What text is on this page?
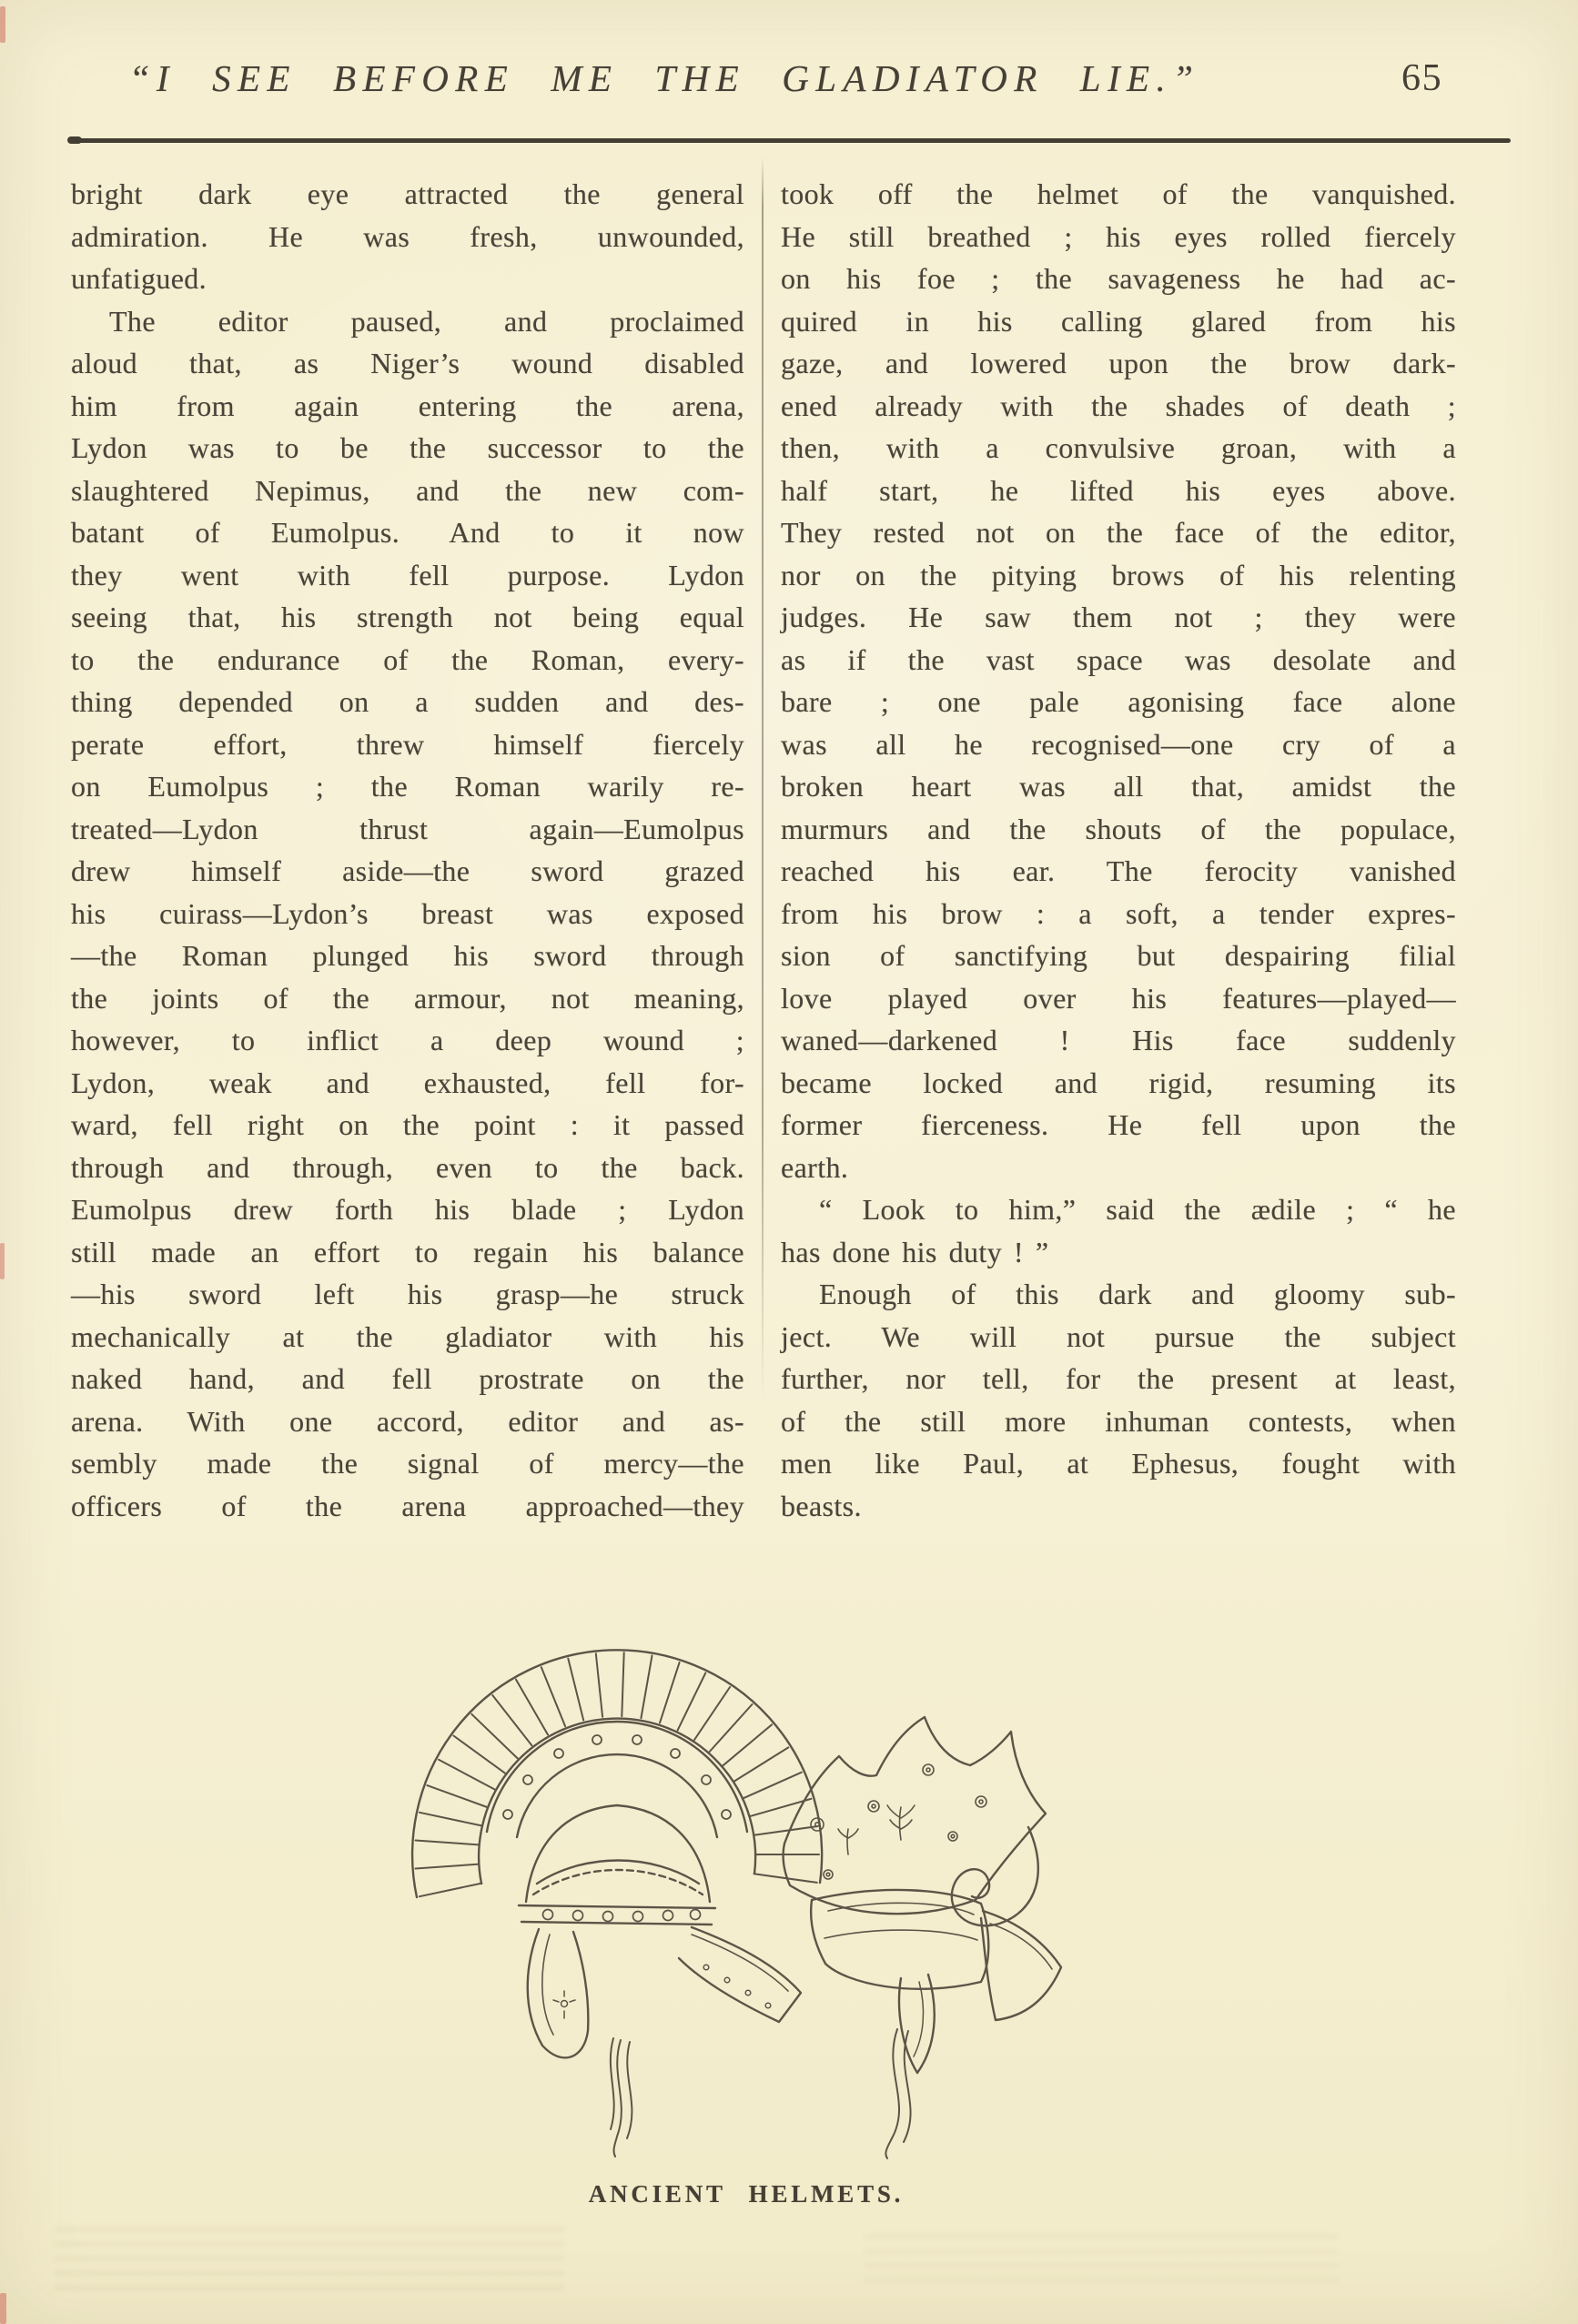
“I SEE BEFORE ME THE GLADIATOR LIE.”	65
bright dark eye attracted the general
admiration. He was fresh, unwounded,
unfatigued.
The editor paused, and proclaimed
aloud that, as Niger’s wound disabled
him from again entering the arena,
Lydon was to be the successor to the
slaughtered Nepimus, and the new com-
batant of Eumolpus. And to it now
they went with fell purpose. Lydon
seeing that, his strength not being equal
to the endurance of the Roman, every-
thing depended on a sudden and des-
perate effort, threw himself fiercely
on Eumolpus ; the Roman warily re-
treated—Lydon thrust again—Eumolpus
drew himself aside—the sword grazed
his cuirass—Lydon’s breast was exposed
—the Roman plunged his sword through
the joints of the armour, not meaning,
however, to inflict a deep wound ;
Lydon, weak and exhausted, fell for-
ward, fell right on the point : it passed
through and through, even to the back.
Eumolpus drew forth his blade ; Lydon
still made an effort to regain his balance
—his sword left his grasp—he struck
mechanically at the gladiator with his
naked hand, and fell prostrate on the
arena. With one accord, editor and as-
sembly made the signal of mercy—the
officers of the arena approached—they
took off the helmet of the vanquished.
He still breathed ; his eyes rolled fiercely
on his foe ; the savageness he had ac-
quired in his calling glared from his
gaze, and lowered upon the brow dark-
ened already with the shades of death ;
then, with a convulsive groan, with a
half start, he lifted his eyes above.
They rested not on the face of the editor,
nor on the pitying brows of his relenting
judges. He saw them not ; they were
as if the vast space was desolate and
bare ; one pale agonising face alone
was all he recognised—one cry of a
broken heart was all that, amidst the
murmurs and the shouts of the populace,
reached his ear. The ferocity vanished
from his brow : a soft, a tender expres-
sion of sanctifying but despairing filial
love played over his features—played—
waned—darkened ! His face suddenly
became locked and rigid, resuming its
former fierceness. He fell upon the
earth.
“ Look to him,” said the ædile ; “ he
has done his duty ! ”
Enough of this dark and gloomy sub-
ject. We will not pursue the subject
further, nor tell, for the present at least,
of the still more inhuman contests, when
men like Paul, at Ephesus, fought with
beasts.
ANCIENT HELMETS.
